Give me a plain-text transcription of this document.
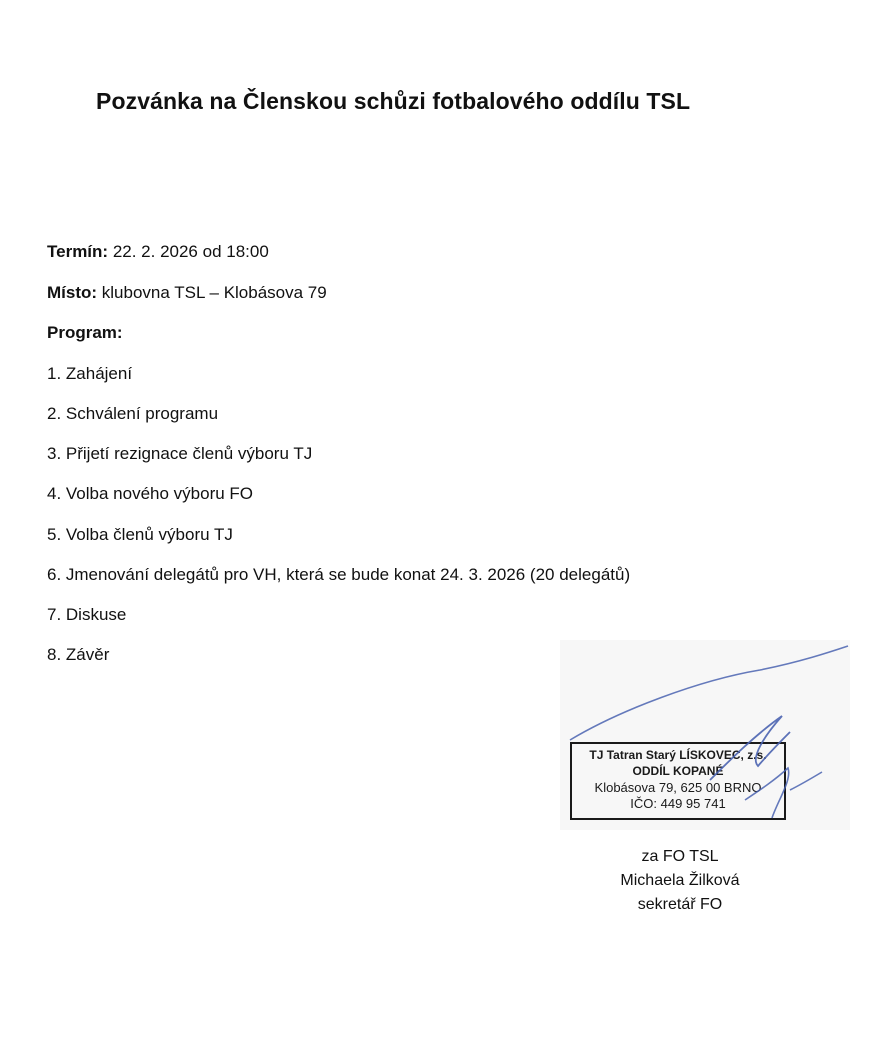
Pozvánka na Členskou schůzi fotbalového oddílu TSL
Termín: 22. 2. 2026 od 18:00
Místo: klubovna TSL – Klobásova 79
Program:
1. Zahájení
2. Schválení programu
3. Přijetí rezignace členů výboru TJ
4. Volba nového výboru FO
5. Volba členů výboru TJ
6. Jmenování delegátů pro VH, která se bude konat 24. 3. 2026 (20 delegátů)
7. Diskuse
8. Závěr
TJ Tatran Starý LÍSKOVEC, z.s.
ODDÍL KOPANÉ
Klobásova 79, 625 00 BRNO
IČO: 449 95 741
za FO TSL
Michaela Žilková
sekretář FO
